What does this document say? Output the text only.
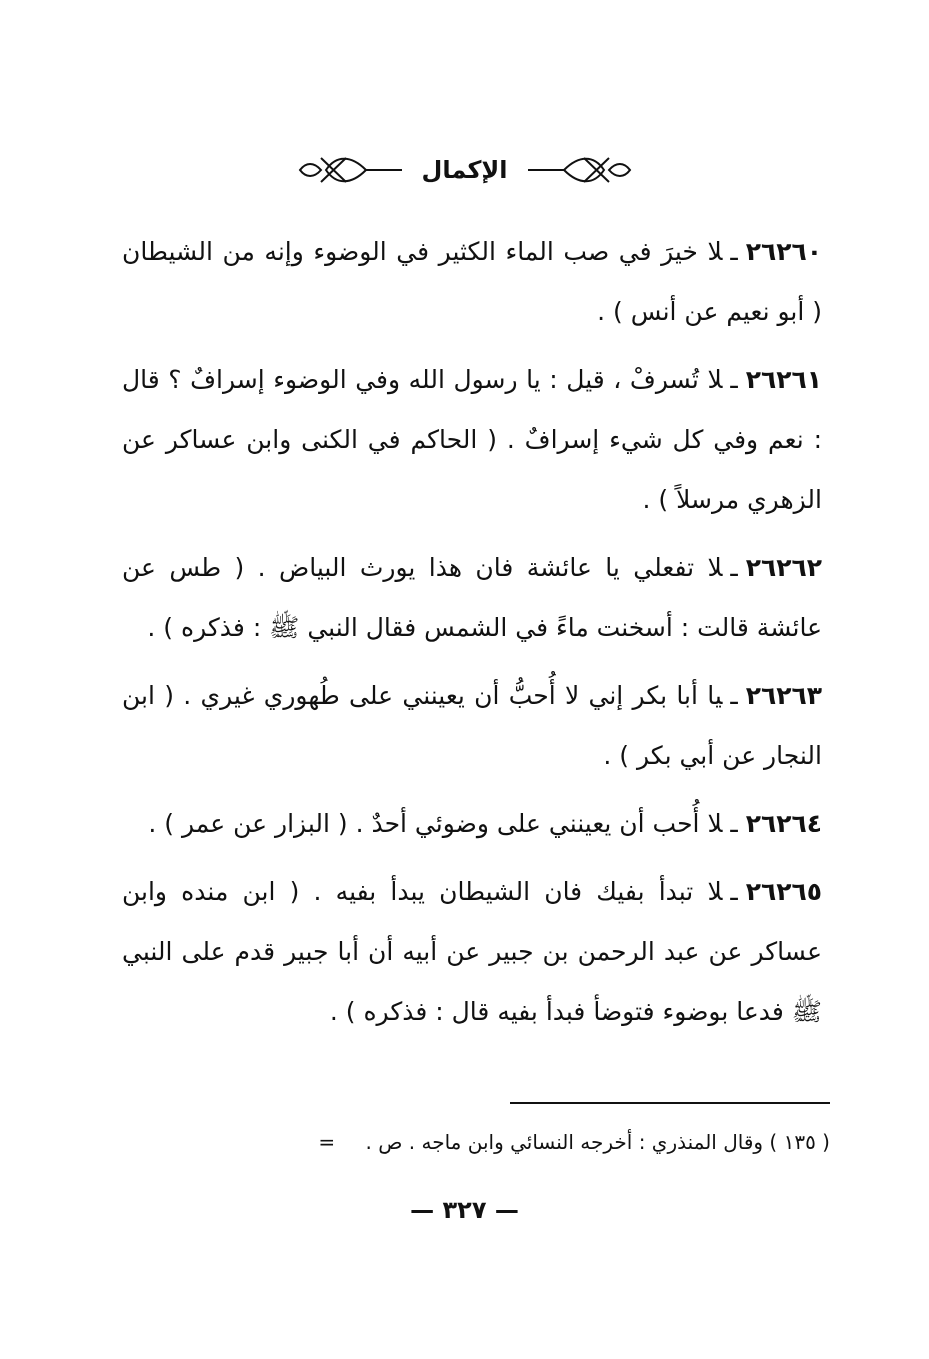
الإكمال

٢٦٢٦٠ـلا خيرَ في صب الماء الكثير في الوضوء وإنه من الشيطان ( أبو نعيم عن أنس ) .

٢٦٢٦١ـلا تُسرفْ ، قيل : يا رسول الله وفي الوضوء إسرافٌ ؟ قال : نعم وفي كل شيء إسرافٌ . ( الحاكم في الكنى وابن عساكر عن الزهري مرسلاً ) .

٢٦٢٦٢ـلا تفعلي يا عائشة فان هذا يورث البياض . ( طس عن عائشة قالت : أسخنت ماءً في الشمس فقال النبي ﷺ : فذكره ) .

٢٦٢٦٣ـيا أبا بكر إني لا أُحبُّ أن يعينني على طُهوري غيري . ( ابن النجار عن أبي بكر ) .

٢٦٢٦٤ـلا أُحب أن يعينني على وضوئي أحدٌ . ( البزار عن عمر ) .

٢٦٢٦٥ـلا تبدأ بفيك فان الشيطان يبدأ بفيه . ( ابن منده وابن عساكر عن عبد الرحمن بن جبير عن أبيه أن أبا جبير قدم على النبي ﷺ فدعا بوضوء فتوضأ فبدأ بفيه قال : فذكره ) .

( ١٣٥ ) وقال المنذري : أخرجه النسائي وابن ماجه . ص . =
— ٣٢٧ —
